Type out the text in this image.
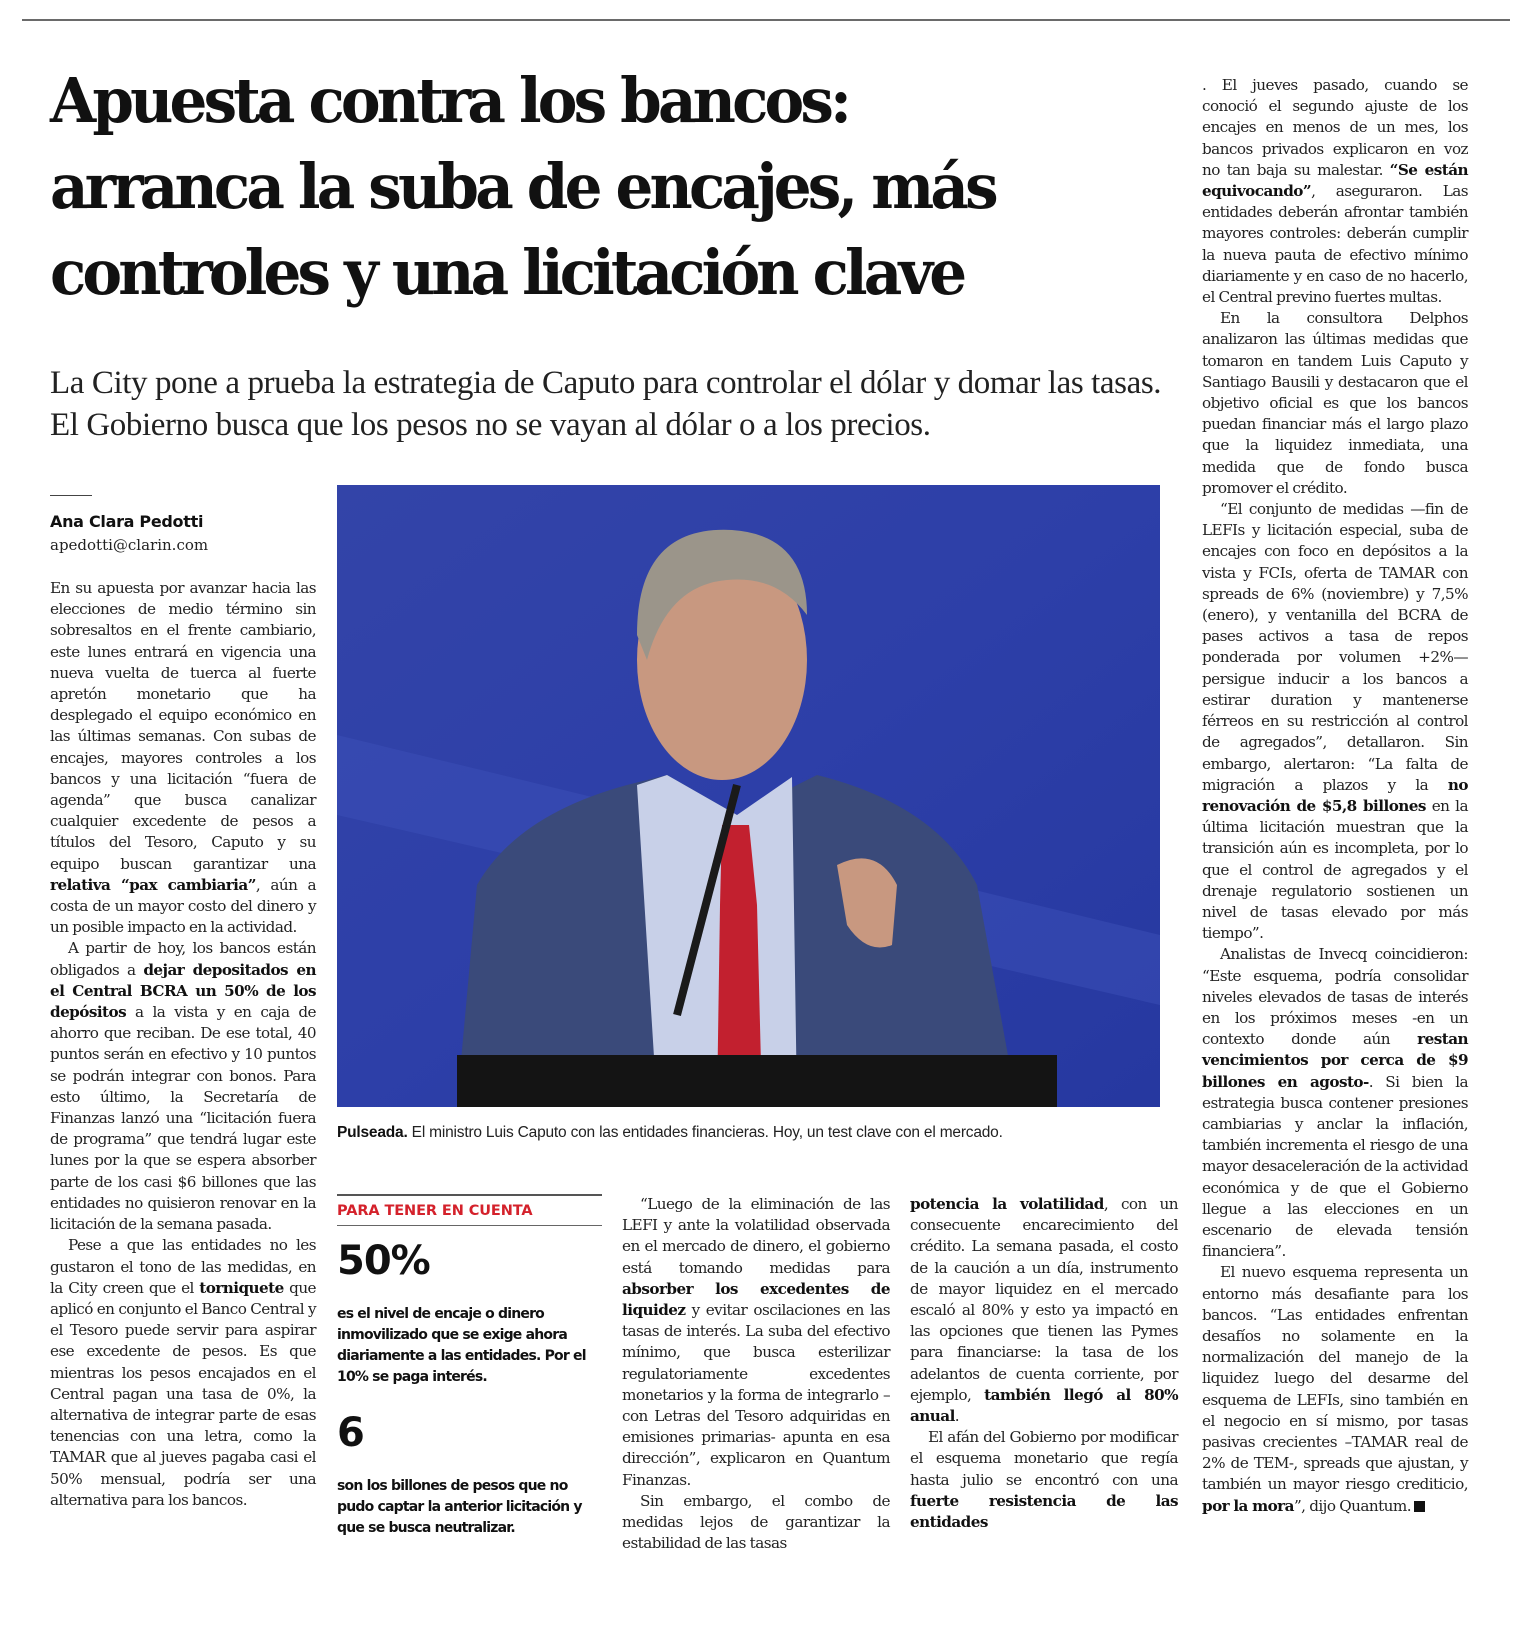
Apuesta contra los bancos:
arranca la suba de encajes, más
controles y una licitación clave

La City pone a prueba la estrategia de Caputo para controlar el dólar y domar las tasas. El Gobierno busca que los pesos no se vayan al dólar o a los precios.

Ana Clara Pedotti
apedotti@clarin.com

En su apuesta por avanzar hacia las elecciones de medio término sin sobresaltos en el frente cambiario, este lunes entrará en vigencia una nueva vuelta de tuerca al fuerte apretón monetario que ha desplegado el equipo económico en las últimas semanas. Con subas de encajes, mayores controles a los bancos y una licitación “fuera de agenda” que busca canalizar cualquier excedente de pesos a títulos del Tesoro, Caputo y su equipo buscan garantizar una relativa “pax cambiaria”, aún a costa de un mayor costo del dinero y un posible impacto en la actividad.

A partir de hoy, los bancos están obligados a dejar depositados en el Central BCRA un 50% de los depósitos a la vista y en caja de ahorro que reciban. De ese total, 40 puntos serán en efectivo y 10 puntos se podrán integrar con bonos. Para esto último, la Secretaría de Finanzas lanzó una “licitación fuera de programa” que tendrá lugar este lunes por la que se espera absorber parte de los casi $6 billones que las entidades no quisieron renovar en la licitación de la semana pasada.

Pese a que las entidades no les gustaron el tono de las medidas, en la City creen que el torniquete que aplicó en conjunto el Banco Central y el Tesoro puede servir para aspirar ese excedente de pesos. Es que mientras los pesos encajados en el Central pagan una tasa de 0%, la alternativa de integrar parte de esas tenencias con una letra, como la TAMAR que al jueves pagaba casi el 50% mensual, podría ser una alternativa para los bancos.

Pulseada. El ministro Luis Caputo con las entidades financieras. Hoy, un test clave con el mercado.
PARA TENER EN CUENTA
50%
es el nivel de encaje o dinero inmovilizado que se exige ahora diariamente a las entidades. Por el 10% se paga interés.
6
son los billones de pesos que no pudo captar la anterior licitación y que se busca neutralizar.

“Luego de la eliminación de las LEFI y ante la volatilidad observada en el mercado de dinero, el gobierno está tomando medidas para absorber los excedentes de liquidez y evitar oscilaciones en las tasas de interés. La suba del efectivo mínimo, que busca esterilizar regulatoriamente excedentes monetarios y la forma de integrarlo –con Letras del Tesoro adquiridas en emisiones primarias- apunta en esa dirección”, explicaron en Quantum Finanzas.

Sin embargo, el combo de medidas lejos de garantizar la estabilidad de las tasas

potencia la volatilidad, con un consecuente encarecimiento del crédito. La semana pasada, el costo de la caución a un día, instrumento de mayor liquidez en el mercado escaló al 80% y esto ya impactó en las opciones que tienen las Pymes para financiarse: la tasa de los adelantos de cuenta corriente, por ejemplo, también llegó al 80% anual.

El afán del Gobierno por modificar el esquema monetario que regía hasta julio se encontró con una fuerte resistencia de las entidades

. El jueves pasado, cuando se conoció el segundo ajuste de los encajes en menos de un mes, los bancos privados explicaron en voz no tan baja su malestar. “Se están equivocando”, aseguraron. Las entidades deberán afrontar también mayores controles: deberán cumplir la nueva pauta de efectivo mínimo diariamente y en caso de no hacerlo, el Central previno fuertes multas.

En la consultora Delphos analizaron las últimas medidas que tomaron en tandem Luis Caputo y Santiago Bausili y destacaron que el objetivo oficial es que los bancos puedan financiar más el largo plazo que la liquidez inmediata, una medida que de fondo busca promover el crédito.

“El conjunto de medidas —fin de LEFIs y licitación especial, suba de encajes con foco en depósitos a la vista y FCIs, oferta de TAMAR con spreads de 6% (noviembre) y 7,5% (enero), y ventanilla del BCRA de pases activos a tasa de repos ponderada por volumen +2%— persigue inducir a los bancos a estirar duration y mantenerse férreos en su restricción al control de agregados”, detallaron. Sin embargo, alertaron: “La falta de migración a plazos y la no renovación de $5,8 billones en la última licitación muestran que la transición aún es incompleta, por lo que el control de agregados y el drenaje regulatorio sostienen un nivel de tasas elevado por más tiempo”.

Analistas de Invecq coincidieron: “Este esquema, podría consolidar niveles elevados de tasas de interés en los próximos meses -en un contexto donde aún restan vencimientos por cerca de $9 billones en agosto-. Si bien la estrategia busca contener presiones cambiarias y anclar la inflación, también incrementa el riesgo de una mayor desaceleración de la actividad económica y de que el Gobierno llegue a las elecciones en un escenario de elevada tensión financiera”.

El nuevo esquema representa un entorno más desafiante para los bancos. “Las entidades enfrentan desafíos no solamente en la normalización del manejo de la liquidez luego del desarme del esquema de LEFIs, sino también en el negocio en sí mismo, por tasas pasivas crecientes –TAMAR real de 2% de TEM-, spreads que ajustan, y también un mayor riesgo crediticio, por la mora”, dijo Quantum.
